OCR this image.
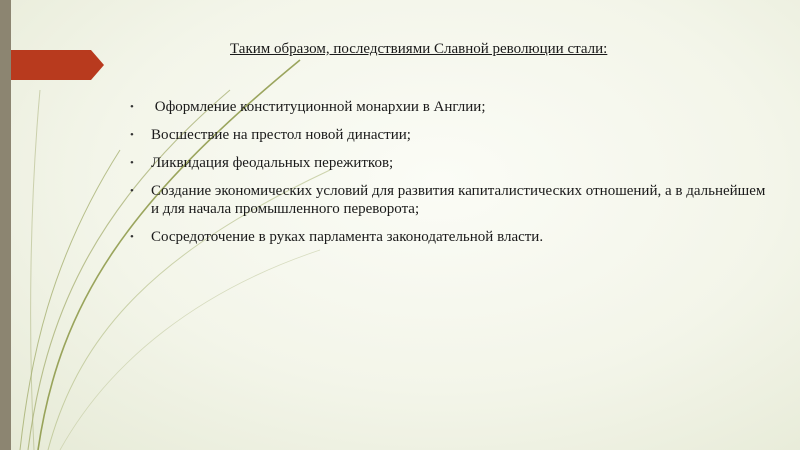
Таким образом, последствиями Славной революции стали:
• Оформление конституционной монархии в Англии;
• Восшествие на престол новой династии;
• Ликвидация феодальных пережитков;
• Создание экономических условий для развития капиталистических отношений, а в дальнейшем и для начала промышленного переворота;
• Сосредоточение в руках парламента законодательной власти.
